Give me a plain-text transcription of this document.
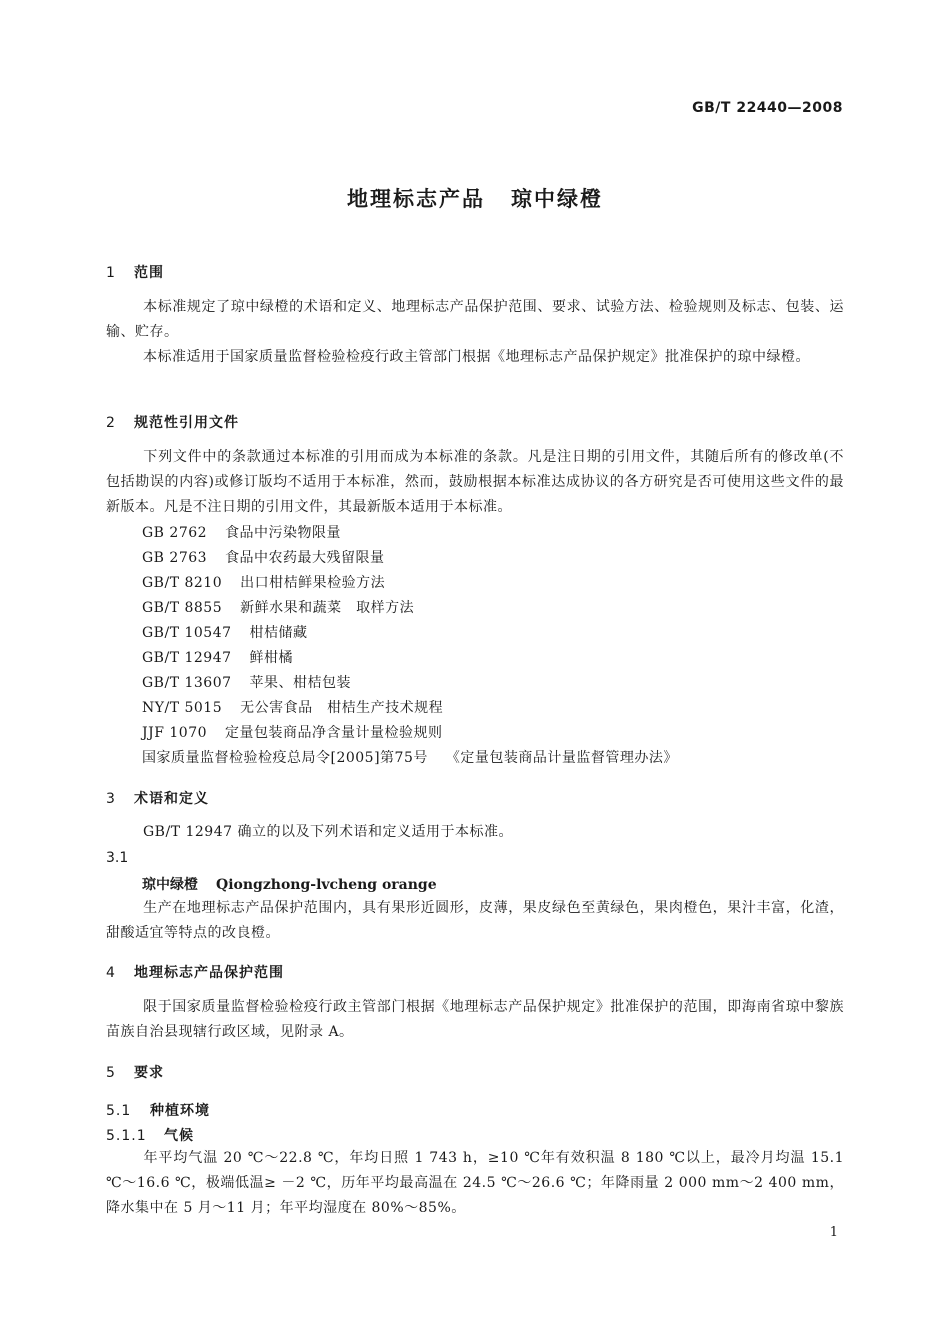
GB/T 22440—2008
地理标志产品 琼中绿橙
1 范围
本标准规定了琼中绿橙的术语和定义、地理标志产品保护范围、要求、试验方法、检验规则及标志、包装、运输、贮存。
本标准适用于国家质量监督检验检疫行政主管部门根据《地理标志产品保护规定》批准保护的琼中绿橙。
2 规范性引用文件
下列文件中的条款通过本标准的引用而成为本标准的条款。凡是注日期的引用文件，其随后所有的修改单(不包括勘误的内容)或修订版均不适用于本标准，然而，鼓励根据本标准达成协议的各方研究是否可使用这些文件的最新版本。凡是不注日期的引用文件，其最新版本适用于本标准。
GB 2762 食品中污染物限量
GB 2763 食品中农药最大残留限量
GB/T 8210 出口柑桔鲜果检验方法
GB/T 8855 新鲜水果和蔬菜　取样方法
GB/T 10547 柑桔储藏
GB/T 12947 鲜柑橘
GB/T 13607 苹果、柑桔包装
NY/T 5015 无公害食品　柑桔生产技术规程
JJF 1070 定量包装商品净含量计量检验规则
国家质量监督检验检疫总局令[2005]第75号 《定量包装商品计量监督管理办法》
3 术语和定义
GB/T 12947 确立的以及下列术语和定义适用于本标准。
3.1
琼中绿橙 Qiongzhong-lvcheng orange
生产在地理标志产品保护范围内，具有果形近圆形，皮薄，果皮绿色至黄绿色，果肉橙色，果汁丰富，化渣，甜酸适宜等特点的改良橙。
4 地理标志产品保护范围
限于国家质量监督检验检疫行政主管部门根据《地理标志产品保护规定》批准保护的范围，即海南省琼中黎族苗族自治县现辖行政区域，见附录 A。
5 要求
5.1 种植环境
5.1.1 气候
年平均气温 20 ℃～22.8 ℃，年均日照 1 743 h，≥10 ℃年有效积温 8 180 ℃以上，最冷月均温 15.1 ℃～16.6 ℃，极端低温≥ －2 ℃，历年平均最高温在 24.5 ℃～26.6 ℃；年降雨量 2 000 mm～2 400 mm，降水集中在 5 月～11 月；年平均湿度在 80%～85%。
1
